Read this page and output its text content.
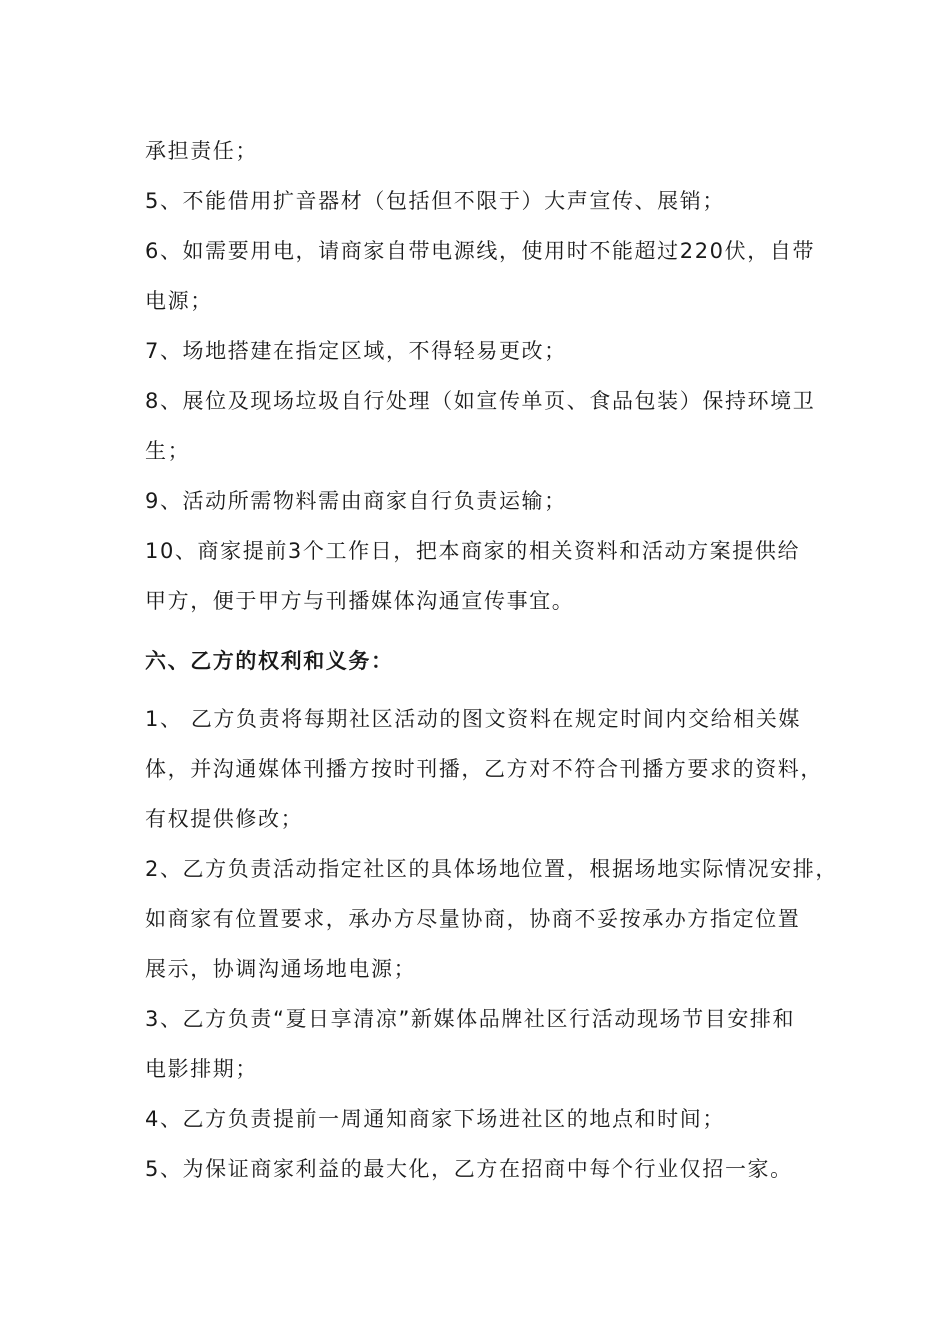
承担责任；
5、不能借用扩音器材（包括但不限于）大声宣传、展销；
6、如需要用电，请商家自带电源线，使用时不能超过220伏，自带
电源；
7、场地搭建在指定区域，不得轻易更改；
8、展位及现场垃圾自行处理（如宣传单页、食品包装）保持环境卫
生；
9、活动所需物料需由商家自行负责运输；
10、商家提前3个工作日，把本商家的相关资料和活动方案提供给
甲方，便于甲方与刊播媒体沟通宣传事宜。
六、乙方的权利和义务：
1、 乙方负责将每期社区活动的图文资料在规定时间内交给相关媒
体，并沟通媒体刊播方按时刊播，乙方对不符合刊播方要求的资料，
有权提供修改；
2、乙方负责活动指定社区的具体场地位置，根据场地实际情况安排，
如商家有位置要求，承办方尽量协商，协商不妥按承办方指定位置
展示，协调沟通场地电源；
3、乙方负责“夏日享清凉”新媒体品牌社区行活动现场节目安排和
电影排期；
4、乙方负责提前一周通知商家下场进社区的地点和时间；
5、为保证商家利益的最大化，乙方在招商中每个行业仅招一家。
